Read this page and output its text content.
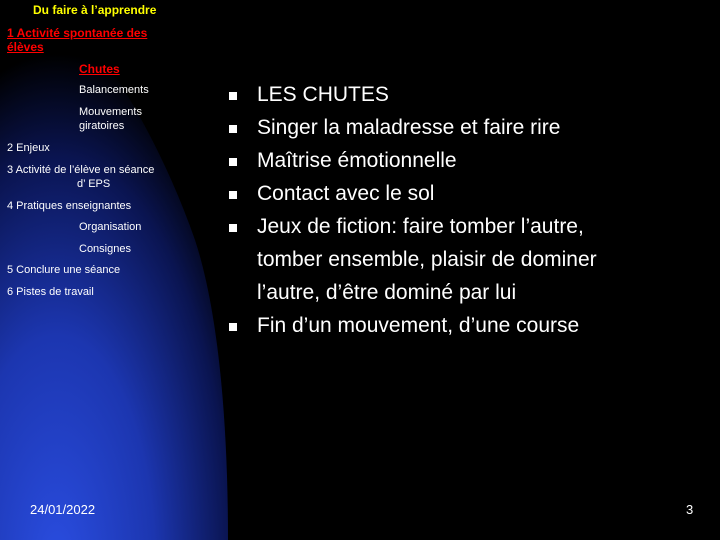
Du faire à l’apprendre
1 Activité spontanée des
élèves
Chutes
Balancements
Mouvements
giratoires
2 Enjeux
3 Activité de l’élève en séance
d’ EPS
4 Pratiques enseignantes
Organisation
Consignes
5 Conclure une séance
6 Pistes de travail
LES CHUTES
Singer la maladresse et faire rire
Maîtrise émotionnelle
Contact avec le sol
Jeux de fiction: faire tomber l’autre,
tomber ensemble, plaisir de dominer
l’autre, d’être dominé par lui
Fin d’un mouvement, d’une course
24/01/2022	3
